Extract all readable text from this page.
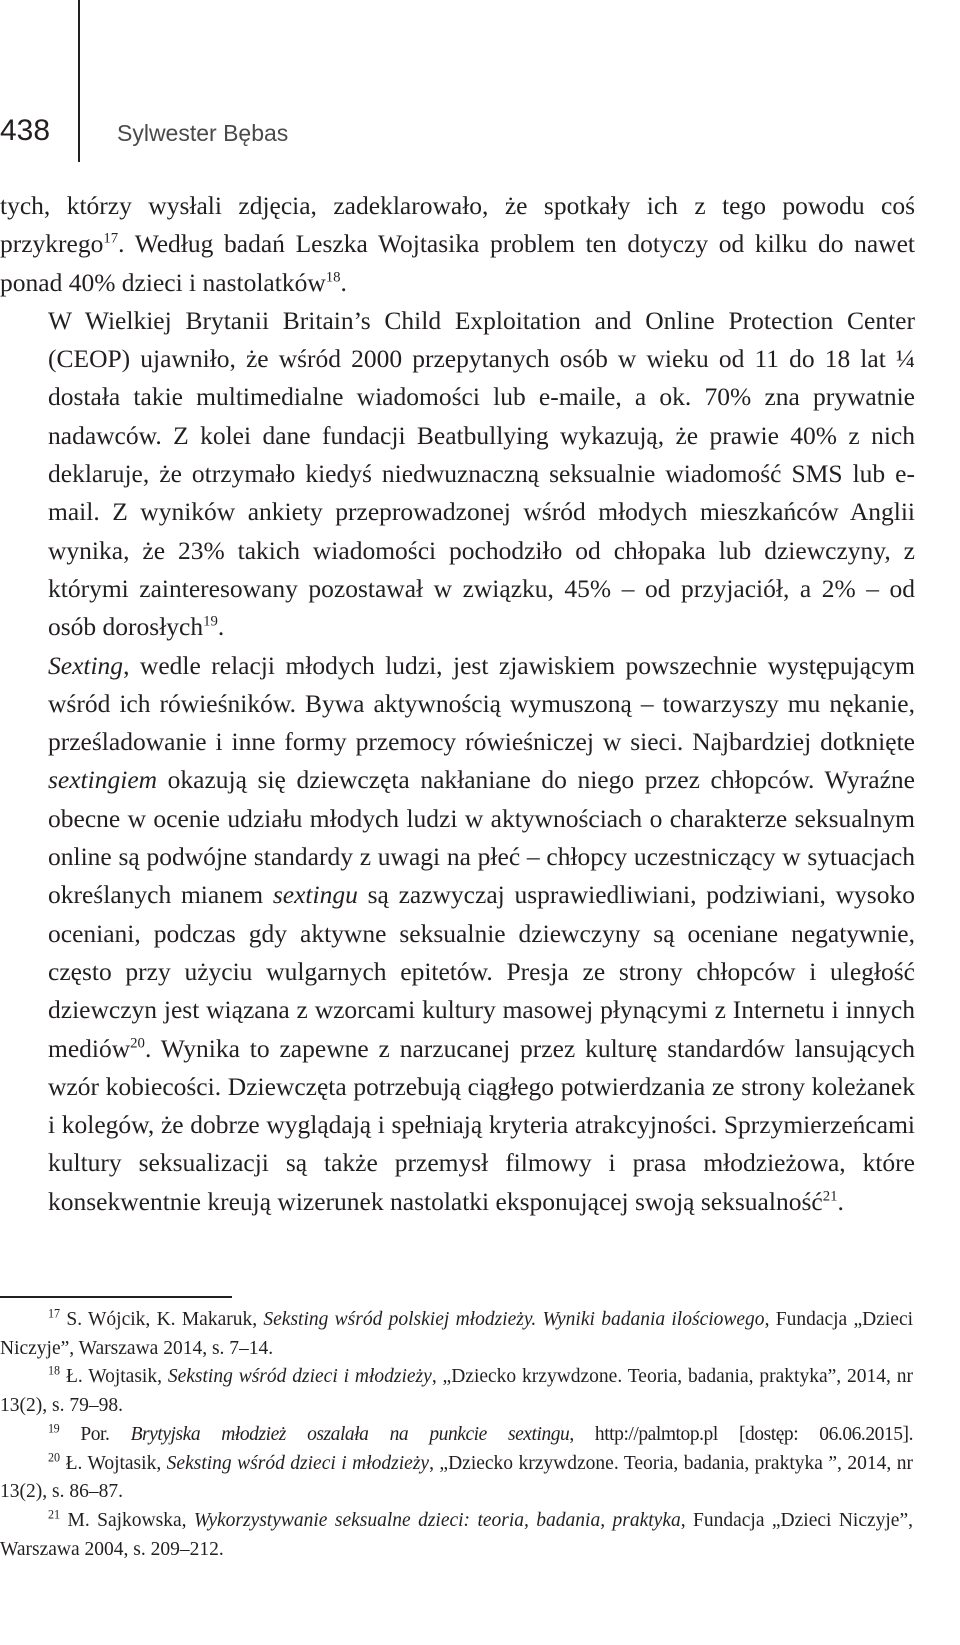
438	Sylwester Bębas

tych, którzy wysłali zdjęcia, zadeklarowało, że spotkały ich z tego powodu coś przykrego$^{17}$. Według badań Leszka Wojtasika problem ten dotyczy od kilku do nawet ponad 40% dzieci i nastolatków$^{18}$.

W Wielkiej Brytanii Britain’s Child Exploitation and Online Protection Center (CEOP) ujawniło, że wśród 2000 przepytanych osób w wieku od 11 do 18 lat ¼ dostała takie multimedialne wiadomości lub e-maile, a ok. 70% zna prywatnie nadawców. Z kolei dane fundacji Beatbullying wykazują, że prawie 40% z nich deklaruje, że otrzymało kiedyś niedwuznaczną seksualnie wiadomość SMS lub e-mail. Z wyników ankiety przeprowadzonej wśród młodych mieszkańców Anglii wynika, że 23% takich wiadomości pochodziło od chłopaka lub dziewczyny, z którymi zainteresowany pozostawał w związku, 45% – od przyjaciół, a 2% – od osób dorosłych$^{19}$.

Sexting, wedle relacji młodych ludzi, jest zjawiskiem powszechnie występującym wśród ich rówieśników. Bywa aktywnością wymuszoną – towarzyszy mu nękanie, prześladowanie i inne formy przemocy rówieśniczej w sieci. Najbardziej dotknięte sextingiem okazują się dziewczęta nakłaniane do niego przez chłopców. Wyraźne obecne w ocenie udziału młodych ludzi w aktywnościach o charakterze seksualnym online są podwójne standardy z uwagi na płeć – chłopcy uczestniczący w sytuacjach określanych mianem sextingu są zazwyczaj usprawiedliwiani, podziwiani, wysoko oceniani, podczas gdy aktywne seksualnie dziewczyny są oceniane negatywnie, często przy użyciu wulgarnych epitetów. Presja ze strony chłopców i uległość dziewczyn jest wiązana z wzorcami kultury masowej płynącymi z Internetu i innych mediów$^{20}$. Wynika to zapewne z narzucanej przez kulturę standardów lansujących wzór kobiecości. Dziewczęta potrzebują ciągłego potwierdzania ze strony koleżanek i kolegów, że dobrze wyglądają i spełniają kryteria atrakcyjności. Sprzymierzeńcami kultury seksualizacji są także przemysł filmowy i prasa młodzieżowa, które konsekwentnie kreują wizerunek nastolatki eksponującej swoją seksualność$^{21}$.

$^{17}$ S. Wójcik, K. Makaruk, Seksting wśród polskiej młodzieży. Wyniki badania ilościowego, Fundacja „Dzieci Niczyje”, Warszawa 2014, s. 7–14.

$^{18}$ Ł. Wojtasik, Seksting wśród dzieci i młodzieży, „Dziecko krzywdzone. Teoria, badania, praktyka”, 2014, nr 13(2), s. 79–98.

$^{19}$ Por. Brytyjska młodzież oszalała na punkcie sextingu, http://palmtop.pl [dostęp: 06.06.2015].

$^{20}$ Ł. Wojtasik, Seksting wśród dzieci i młodzieży, „Dziecko krzywdzone. Teoria, badania, praktyka ”, 2014, nr 13(2), s. 86–87.

$^{21}$ M. Sajkowska, Wykorzystywanie seksualne dzieci: teoria, badania, praktyka, Fundacja „Dzieci Niczyje”, Warszawa 2004, s. 209–212.
